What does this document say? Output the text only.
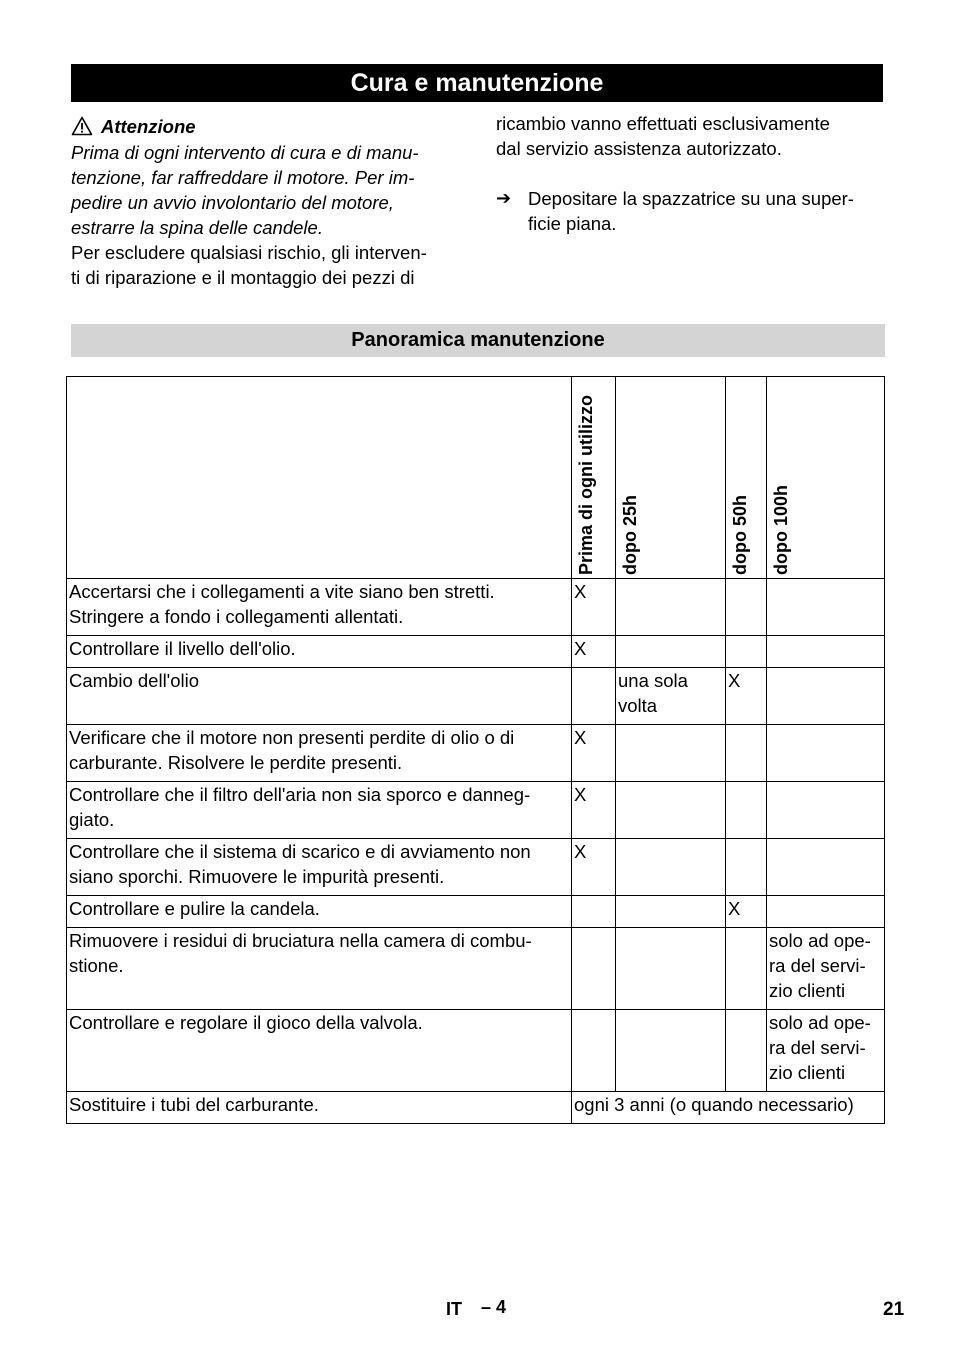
Cura e manutenzione
Attenzione

Prima di ogni intervento di cura e di manu-

tenzione, far raffreddare il motore. Per im-

pedire un avvio involontario del motore,

estrarre la spina delle candele.

Per escludere qualsiasi rischio, gli interven-

ti di riparazione e il montaggio dei pezzi di

ricambio vanno effettuati esclusivamente

dal servizio assistenza autorizzato.

➔ Depositare la spazzatrice su una super-

ficie piana.

Panoramica manutenzione

	Prima di ogni utilizzo	dopo 25h	dopo 50h	dopo 100h

Accertarsi che i collegamenti a vite siano ben stretti.
Stringere a fondo i collegamenti allentati.	X			
Controllare il livello dell'olio.	X			
Cambio dell'olio		una sola volta	X	
Verificare che il motore non presenti perdite di olio o di
carburante. Risolvere le perdite presenti.	X			
Controllare che il filtro dell'aria non sia sporco e danneg-
giato.	X			
Controllare che il sistema di scarico e di avviamento non
siano sporchi. Rimuovere le impurità presenti.	X			
Controllare e pulire la candela.			X	
Rimuovere i residui di bruciatura nella camera di combu-
stione.				solo ad ope- ra del servi- zio clienti
Controllare e regolare il gioco della valvola.				solo ad ope- ra del servi- zio clienti
Sostituire i tubi del carburante.	ogni 3 anni (o quando necessario)			
IT – 4	21
